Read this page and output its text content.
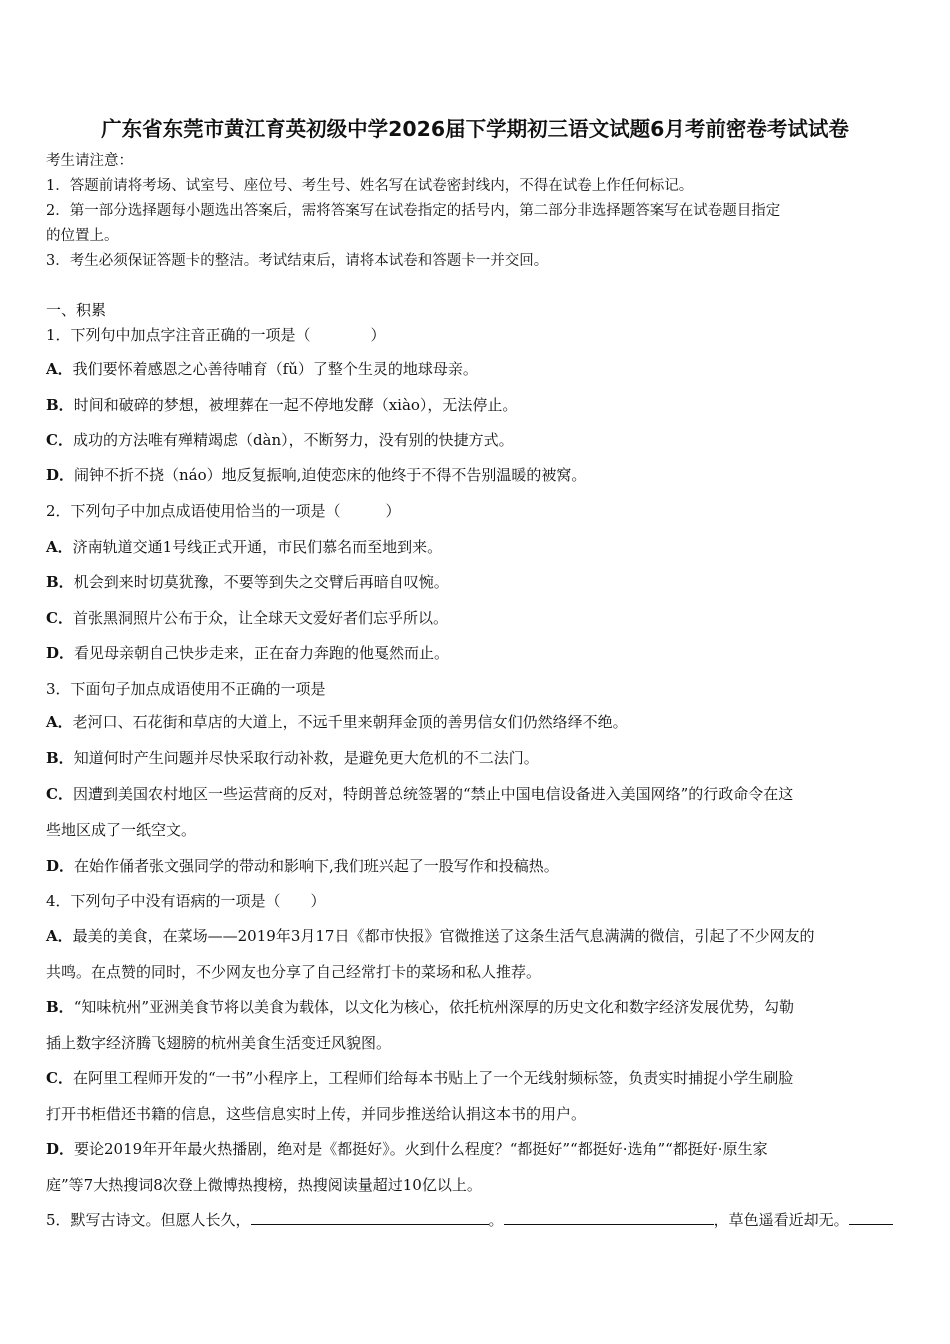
广东省东莞市黄江育英初级中学2026届下学期初三语文试题6月考前密卷考试试卷
考生请注意：
1．答题前请将考场、试室号、座位号、考生号、姓名写在试卷密封线内，不得在试卷上作任何标记。
2．第一部分选择题每小题选出答案后，需将答案写在试卷指定的括号内，第二部分非选择题答案写在试卷题目指定
的位置上。
3．考生必须保证答题卡的整洁。考试结束后，请将本试卷和答题卡一并交回。
一、积累
1．下列句中加点字注音正确的一项是（　　　　）
A．我们要怀着感恩之心善待哺育（fǔ）了整个生灵的地球母亲。
B．时间和破碎的梦想，被埋葬在一起不停地发酵（xiào），无法停止。
C．成功的方法唯有殚精竭虑（dàn），不断努力，没有别的快捷方式。
D．闹钟不折不挠（náo）地反复振响,迫使恋床的他终于不得不告别温暖的被窝。
2．下列句子中加点成语使用恰当的一项是（　　　）
A．济南轨道交通1号线正式开通，市民们慕名而至地到来。
B．机会到来时切莫犹豫，不要等到失之交臂后再暗自叹惋。
C．首张黑洞照片公布于众，让全球天文爱好者们忘乎所以。
D．看见母亲朝自己快步走来，正在奋力奔跑的他戛然而止。
3．下面句子加点成语使用不正确的一项是
A．老河口、石花街和草店的大道上，不远千里来朝拜金顶的善男信女们仍然络绎不绝。
B．知道何时产生问题并尽快采取行动补救，是避免更大危机的不二法门。
C．因遭到美国农村地区一些运营商的反对，特朗普总统签署的“禁止中国电信设备进入美国网络”的行政命令在这
些地区成了一纸空文。
D．在始作俑者张文强同学的带动和影响下,我们班兴起了一股写作和投稿热。
4．下列句子中没有语病的一项是（　　）
A．最美的美食，在菜场——2019年3月17日《都市快报》官微推送了这条生活气息满满的微信，引起了不少网友的
共鸣。在点赞的同时，不少网友也分享了自己经常打卡的菜场和私人推荐。
B．“知味杭州”亚洲美食节将以美食为载体，以文化为核心，依托杭州深厚的历史文化和数字经济发展优势，勾勒
插上数字经济腾飞翅膀的杭州美食生活变迁风貌图。
C．在阿里工程师开发的“一书”小程序上，工程师们给每本书贴上了一个无线射频标签，负责实时捕捉小学生刷脸
打开书柜借还书籍的信息，这些信息实时上传，并同步推送给认捐这本书的用户。
D．要论2019年开年最火热播剧，绝对是《都挺好》。火到什么程度？“都挺好”“都挺好·选角”“都挺好·原生家
庭”等7大热搜词8次登上微博热搜榜，热搜阅读量超过10亿以上。
5．默写古诗文。但愿人长久，	。	，草色遥看近却无。
